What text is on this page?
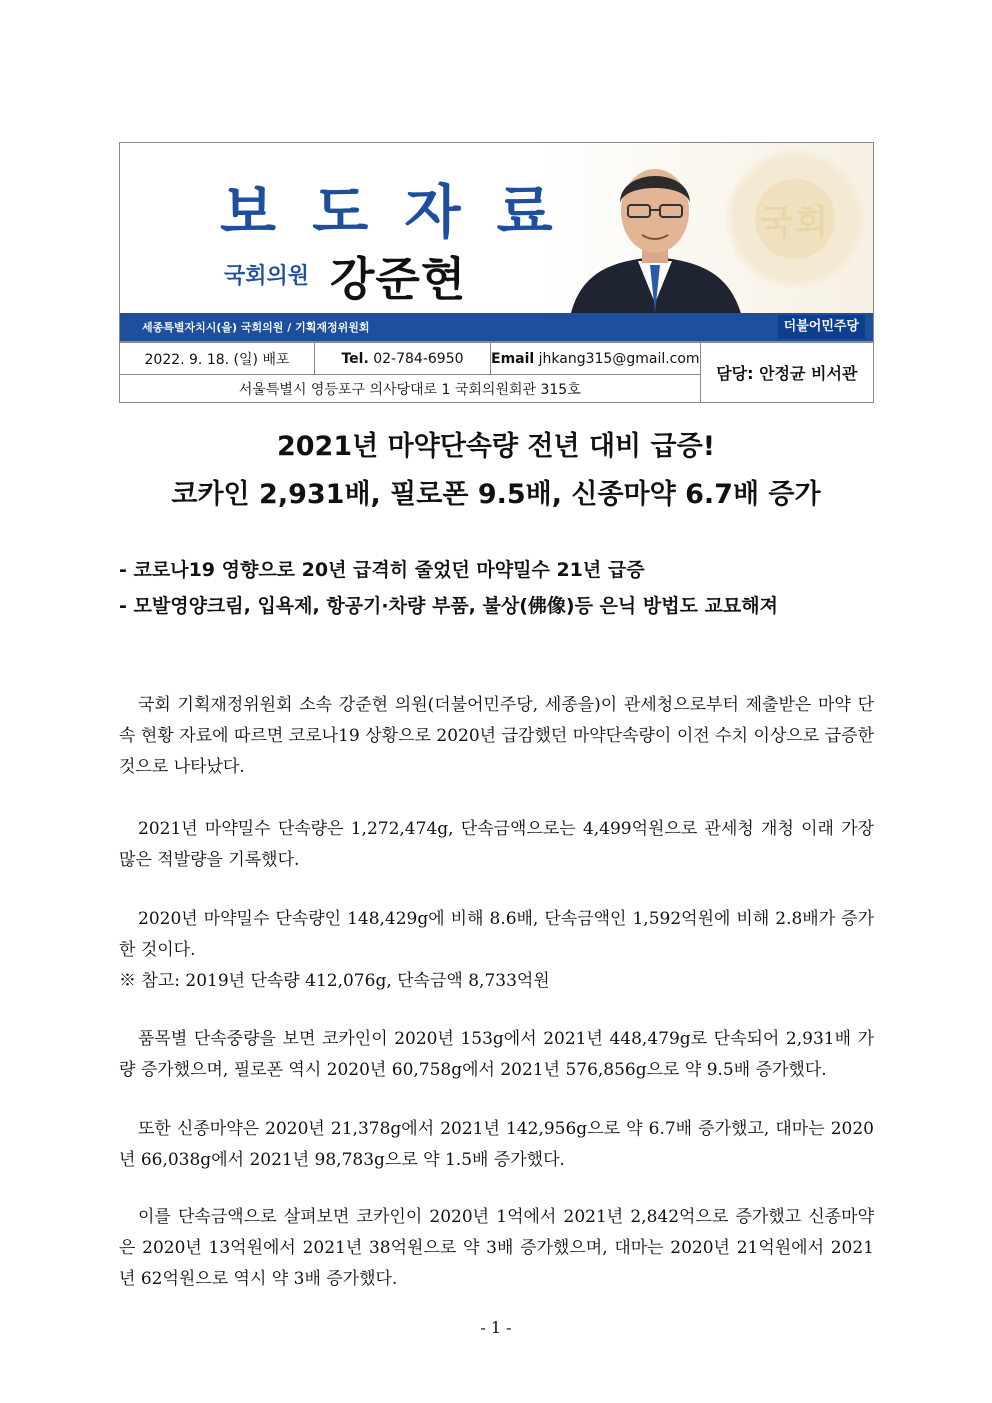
국회
보 도 자 료
국회의원 강준현
세종특별자치시(을) 국회의원 / 기획재정위원회	더불어민주당
2022. 9. 18. (일) 배포	Tel. 02-784-6950	Email jhkang315@gmail.com	담당: 안정균 비서관
서울특별시 영등포구 의사당대로 1 국회의원회관 315호
2021년 마약단속량 전년 대비 급증!
코카인 2,931배, 필로폰 9.5배, 신종마약 6.7배 증가
- 코로나19 영향으로 20년 급격히 줄었던 마약밀수 21년 급증
- 모발영양크림, 입욕제, 항공기·차량 부품, 불상(佛像)등 은닉 방법도 교묘해져

국회 기획재정위원회 소속 강준현 의원(더불어민주당, 세종을)이 관세청으로부터 제출받은 마약 단속 현황 자료에 따르면 코로나19 상황으로 2020년 급감했던 마약단속량이 이전 수치 이상으로 급증한 것으로 나타났다.

2021년 마약밀수 단속량은 1,272,474g, 단속금액으로는 4,499억원으로 관세청 개청 이래 가장 많은 적발량을 기록했다.

2020년 마약밀수 단속량인 148,429g에 비해 8.6배, 단속금액인 1,592억원에 비해 2.8배가 증가한 것이다.

※ 참고: 2019년 단속량 412,076g, 단속금액 8,733억원

품목별 단속중량을 보면 코카인이 2020년 153g에서 2021년 448,479g로 단속되어 2,931배 가량 증가했으며, 필로폰 역시 2020년 60,758g에서 2021년 576,856g으로 약 9.5배 증가했다.

또한 신종마약은 2020년 21,378g에서 2021년 142,956g으로 약 6.7배 증가했고, 대마는 2020년 66,038g에서 2021년 98,783g으로 약 1.5배 증가했다.

이를 단속금액으로 살펴보면 코카인이 2020년 1억에서 2021년 2,842억으로 증가했고 신종마약은 2020년 13억원에서 2021년 38억원으로 약 3배 증가했으며, 대마는 2020년 21억원에서 2021년 62억원으로 역시 약 3배 증가했다.

- 1 -
